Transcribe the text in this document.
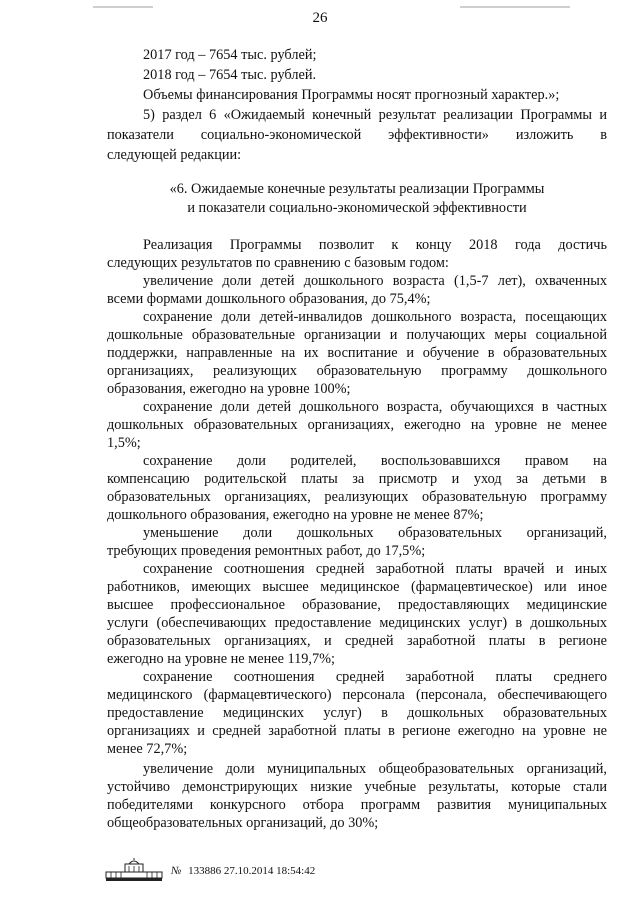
26
2017 год – 7654 тыс. рублей;
2018 год – 7654 тыс. рублей.
Объемы финансирования Программы носят прогнозный характер.»;
5) раздел 6 «Ожидаемый конечный результат реализации Программы и
показатели социально-экономической эффективности» изложить в
следующей редакции:
«6. Ожидаемые конечные результаты реализации Программы
и показатели социально-экономической эффективности
Реализация Программы позволит к концу 2018 года достичь
следующих результатов по сравнению с базовым годом:
увеличение доли детей дошкольного возраста (1,5-7 лет), охваченных
всеми формами дошкольного образования, до 75,4%;
сохранение доли детей-инвалидов дошкольного возраста, посещающих
дошкольные образовательные организации и получающих меры социальной
поддержки, направленные на их воспитание и обучение в образовательных
организациях, реализующих образовательную программу дошкольного
образования, ежегодно на уровне 100%;
сохранение доли детей дошкольного возраста, обучающихся в частных
дошкольных образовательных организациях, ежегодно на уровне не менее
1,5%;
сохранение доли родителей, воспользовавшихся правом на
компенсацию родительской платы за присмотр и уход за детьми в
образовательных организациях, реализующих образовательную программу
дошкольного образования, ежегодно на уровне не менее 87%;
уменьшение доли дошкольных образовательных организаций,
требующих проведения ремонтных работ, до 17,5%;
сохранение соотношения средней заработной платы врачей и иных
работников, имеющих высшее медицинское (фармацевтическое) или иное
высшее профессиональное образование, предоставляющих медицинские
услуги (обеспечивающих предоставление медицинских услуг) в дошкольных
образовательных организациях, и средней заработной платы в регионе
ежегодно на уровне не менее 119,7%;
сохранение соотношения средней заработной платы среднего
медицинского (фармацевтического) персонала (персонала, обеспечивающего
предоставление медицинских услуг) в дошкольных образовательных
организациях и средней заработной платы в регионе ежегодно на уровне не
менее 72,7%;
увеличение доли муниципальных общеобразовательных организаций,
устойчиво демонстрирующих низкие учебные результаты, которые стали
победителями конкурсного отбора программ развития муниципальных
общеобразовательных организаций, до 30%;
№ 133886 27.10.2014 18:54:42
